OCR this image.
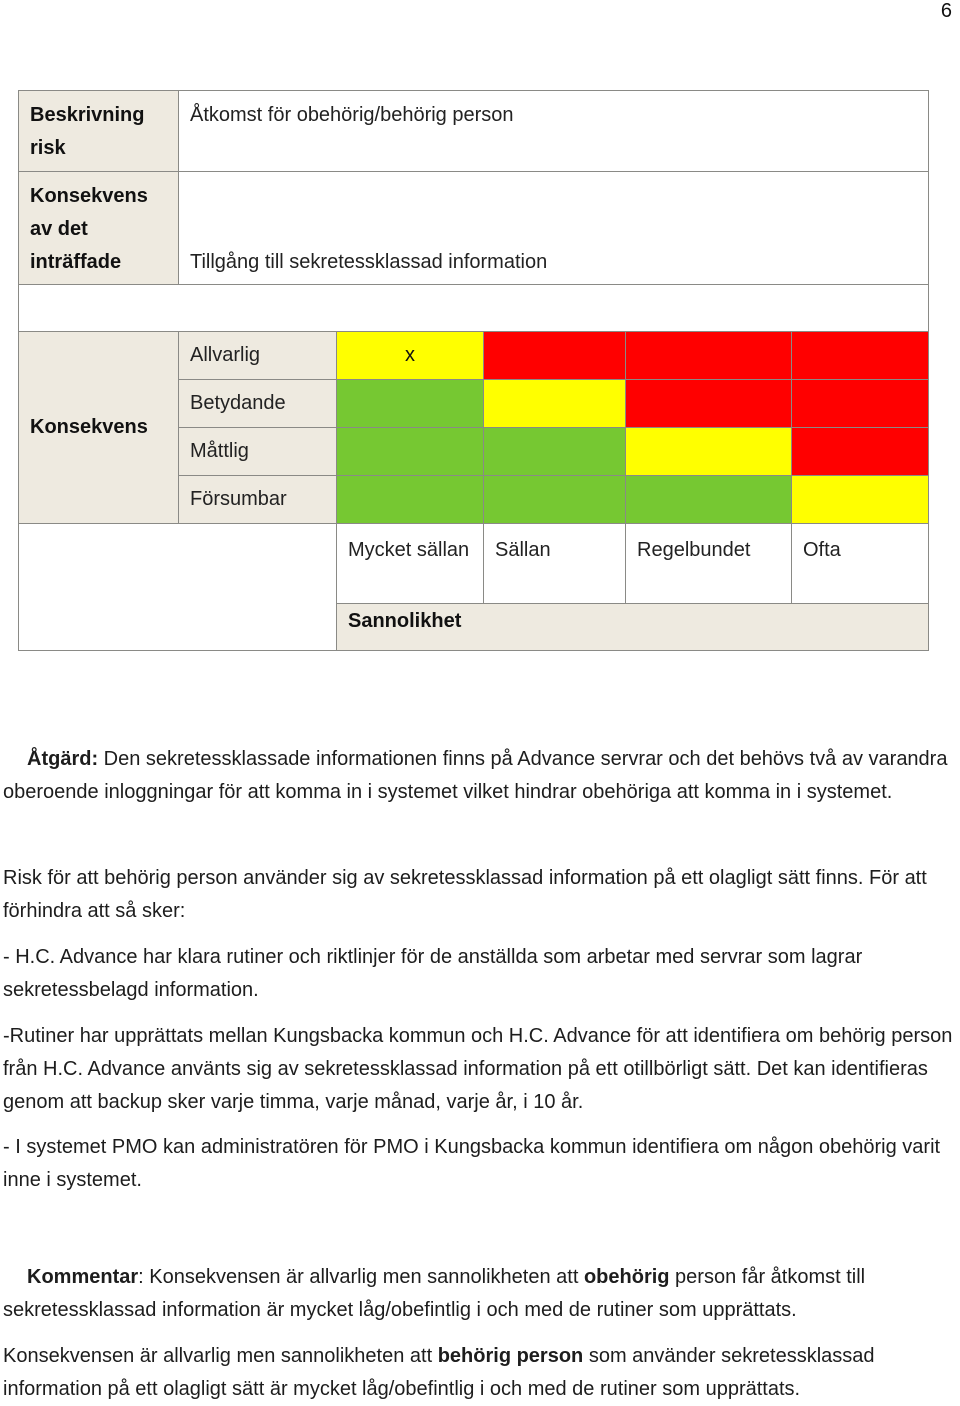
6
Beskrivning risk	Åtkomst för obehörig/behörig person
Konsekvens av det inträffade	Tillgång till sekretessklassad information

Konsekvens	Allvarlig	x			
	Betydande				
	Måttlig				
	Försumbar				
		Mycket sällan	Sällan	Regelbundet	Ofta
		Sannolikhet			
Åtgärd: Den sekretessklassade informationen finns på Advance servrar och det behövs två av varandra oberoende inloggningar för att komma in i systemet vilket hindrar obehöriga att komma in i systemet.
Risk för att behörig person använder sig av sekretessklassad information på ett olagligt sätt finns. För att förhindra att så sker:
- H.C. Advance har klara rutiner och riktlinjer för de anställda som arbetar med servrar som lagrar sekretessbelagd information.
-Rutiner har upprättats mellan Kungsbacka kommun och H.C. Advance för att identifiera om behörig person från H.C. Advance använts sig av sekretessklassad information på ett otillbörligt sätt. Det kan identifieras genom att backup sker varje timma, varje månad, varje år, i 10 år.
- I systemet PMO kan administratören för PMO i Kungsbacka kommun identifiera om någon obehörig varit inne i systemet.
Kommentar: Konsekvensen är allvarlig men sannolikheten att obehörig person får åtkomst till sekretessklassad information är mycket låg/obefintlig i och med de rutiner som upprättats.
Konsekvensen är allvarlig men sannolikheten att behörig person som använder sekretessklassad information på ett olagligt sätt är mycket låg/obefintlig i och med de rutiner som upprättats.
